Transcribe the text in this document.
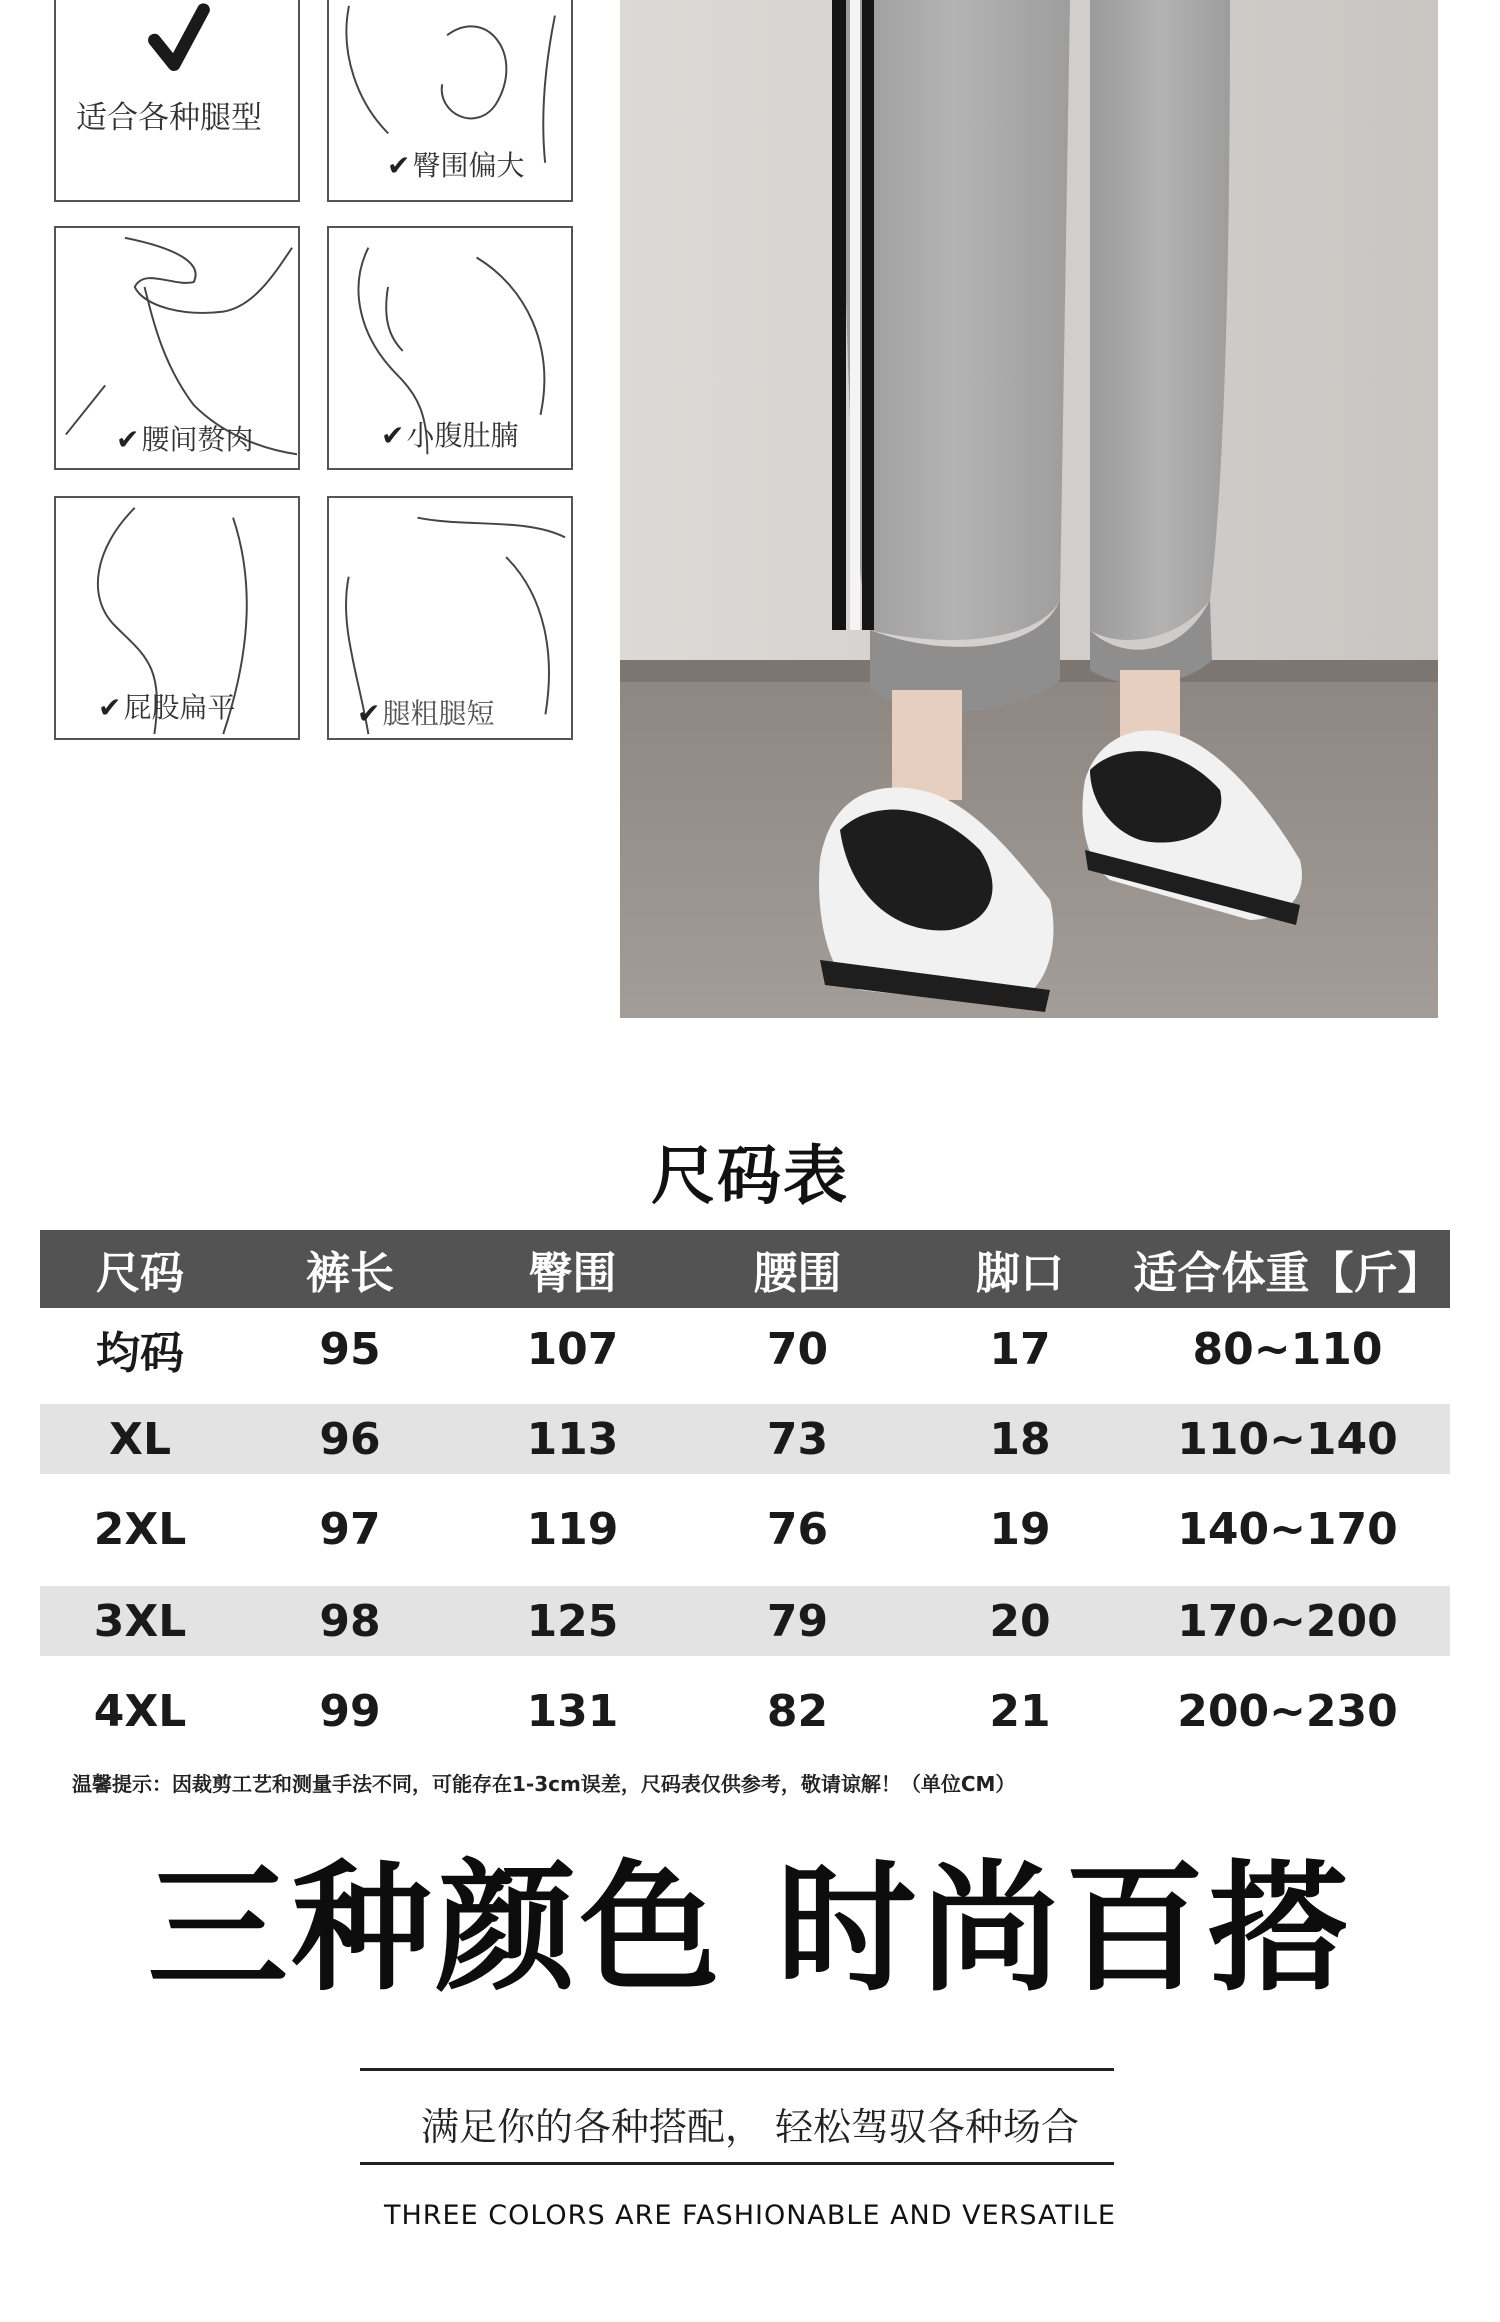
适合各种腿型
✔臀围偏大
✔腰间赘肉	✔小腹肚腩
✔屁股扁平	✔腿粗腿短
尺码表
尺码	裤长	臀围	腰围	脚口	适合体重【斤】
均码	95	107	70	17	80~110
XL	96	113	73	18	110~140
2XL	97	119	76	19	140~170
3XL	98	125	79	20	170~200
4XL	99	131	82	21	200~230
温馨提示：因裁剪工艺和测量手法不同，可能存在1-3cm误差，尺码表仅供参考，敬请谅解！（单位CM）
三种颜色 时尚百搭
满足你的各种搭配， 轻松驾驭各种场合
THREE COLORS ARE FASHIONABLE AND VERSATILE
